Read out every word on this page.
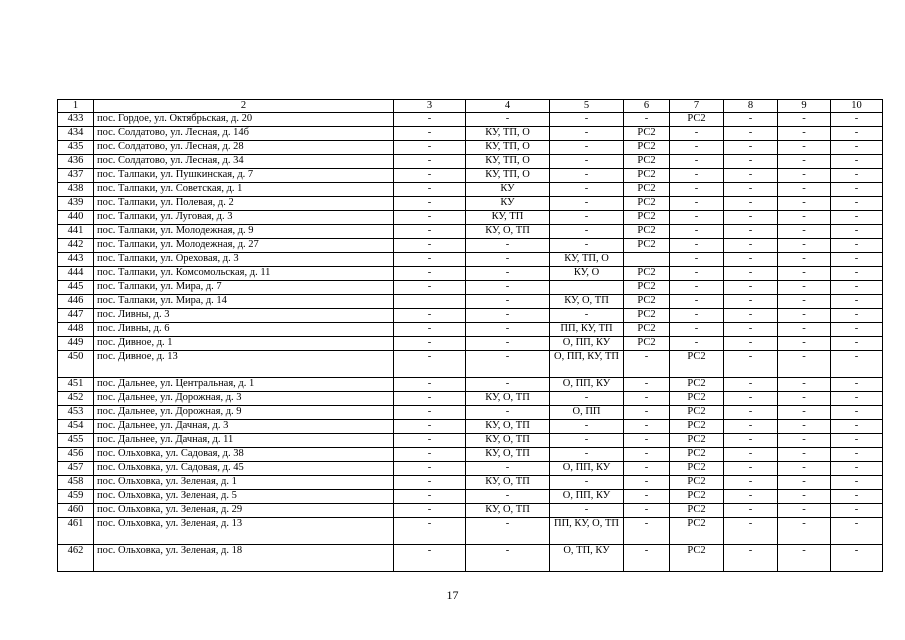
1	2	3	4	5	6	7	8	9	10
433	пос. Гордое, ул. Октябрьская, д. 20	-	-	-	-	РС2	-	-	-
434	пос. Солдатово, ул. Лесная, д. 14б	-	КУ, ТП, О	-	РС2	-	-	-	-
435	пос. Солдатово, ул. Лесная, д. 28	-	КУ, ТП, О	-	РС2	-	-	-	-
436	пос. Солдатово, ул. Лесная, д. 34	-	КУ, ТП, О	-	РС2	-	-	-	-
437	пос. Талпаки, ул. Пушкинская, д. 7	-	КУ, ТП, О	-	РС2	-	-	-	-
438	пос. Талпаки, ул. Советская, д. 1	-	КУ	-	РС2	-	-	-	-
439	пос. Талпаки, ул. Полевая, д. 2	-	КУ	-	РС2	-	-	-	-
440	пос. Талпаки, ул. Луговая, д. 3	-	КУ, ТП	-	РС2	-	-	-	-
441	пос. Талпаки, ул. Молодежная, д. 9	-	КУ, О, ТП	-	РС2	-	-	-	-
442	пос. Талпаки, ул. Молодежная, д. 27	-	-	-	РС2	-	-	-	-
443	пос. Талпаки, ул. Ореховая, д. 3	-	-	КУ, ТП, О		-	-	-	-
444	пос. Талпаки, ул. Комсомольская, д. 11	-	-	КУ, О	РС2	-	-	-	-
445	пос. Талпаки, ул. Мира, д. 7	-	-		РС2	-	-	-	-
446	пос. Талпаки, ул. Мира, д. 14		-	КУ, О, ТП	РС2	-	-	-	-
447	пос. Ливны, д. 3	-	-	-	РС2	-	-	-	-
448	пос. Ливны, д. 6	-	-	ПП, КУ, ТП	РС2	-	-	-	-
449	пос. Дивное, д. 1	-	-	О, ПП, КУ	РС2	-	-	-	-
450	пос. Дивное, д. 13	-	-	О, ПП, КУ, ТП	-	РС2	-	-	-
451	пос. Дальнее, ул. Центральная, д. 1	-	-	О, ПП, КУ	-	РС2	-	-	-
452	пос. Дальнее, ул. Дорожная, д. 3	-	КУ, О, ТП	-	-	РС2	-	-	-
453	пос. Дальнее, ул. Дорожная, д. 9	-	-	О, ПП	-	РС2	-	-	-
454	пос. Дальнее, ул. Дачная, д. 3	-	КУ, О, ТП	-	-	РС2	-	-	-
455	пос. Дальнее, ул. Дачная, д. 11	-	КУ, О, ТП	-	-	РС2	-	-	-
456	пос. Ольховка, ул. Садовая, д. 38	-	КУ, О, ТП	-	-	РС2	-	-	-
457	пос. Ольховка, ул. Садовая, д. 45	-	-	О, ПП, КУ	-	РС2	-	-	-
458	пос. Ольховка, ул. Зеленая, д. 1	-	КУ, О, ТП	-	-	РС2	-	-	-
459	пос. Ольховка, ул. Зеленая, д. 5	-	-	О, ПП, КУ	-	РС2	-	-	-
460	пос. Ольховка, ул. Зеленая, д. 29	-	КУ, О, ТП	-	-	РС2	-	-	-
461	пос. Ольховка, ул. Зеленая, д. 13	-	-	ПП, КУ, О, ТП	-	РС2	-	-	-
462	пос. Ольховка, ул. Зеленая, д. 18	-	-	О, ТП, КУ	-	РС2	-	-	-
17
